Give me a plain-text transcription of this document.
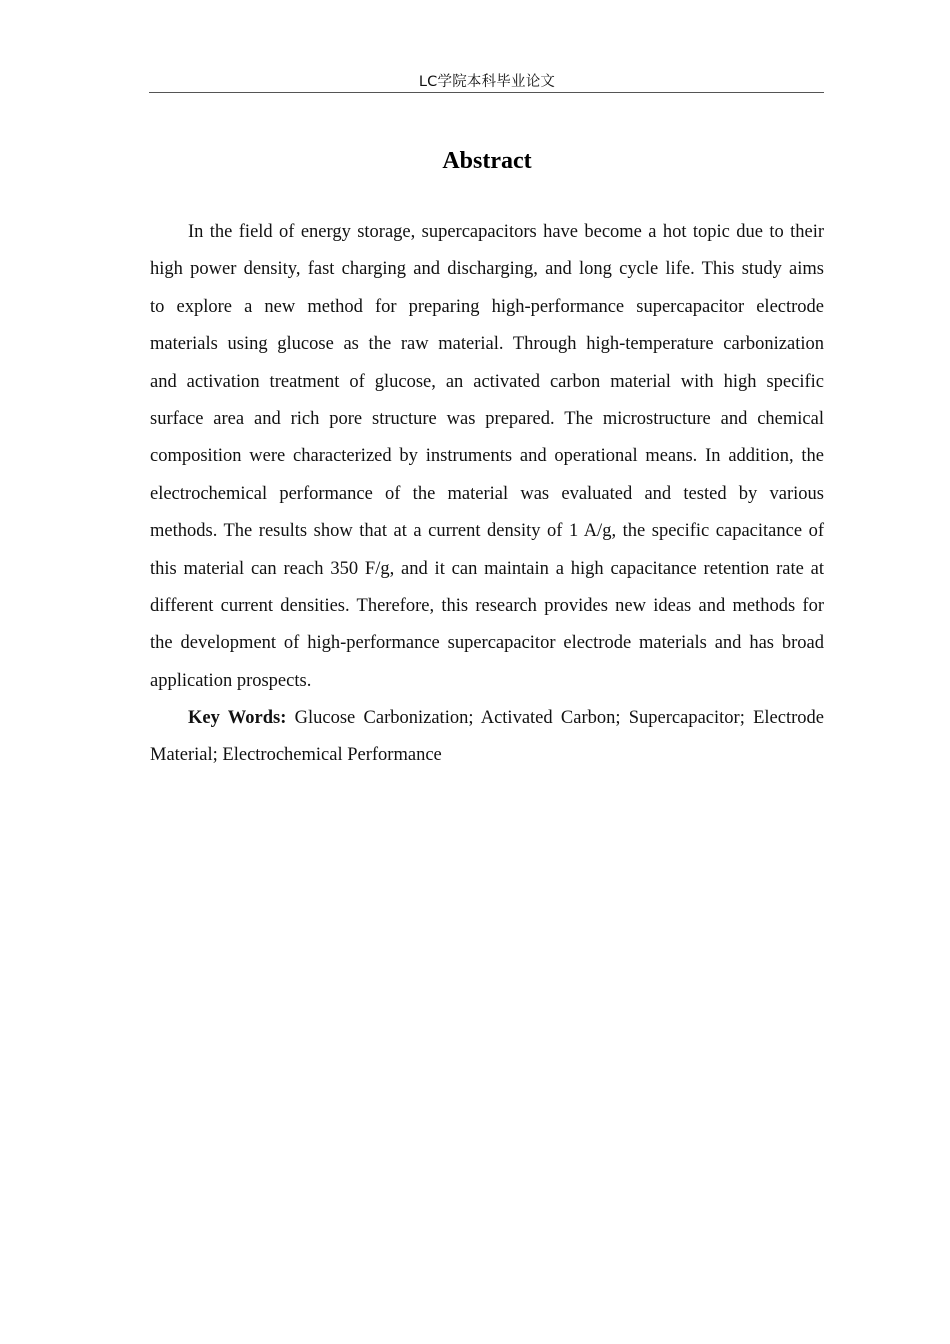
LC学院本科毕业论文
Abstract
In the field of energy storage, supercapacitors have become a hot topic due to their
high power density, fast charging and discharging, and long cycle life. This study aims
to explore a new method for preparing high-performance supercapacitor electrode
materials using glucose as the raw material. Through high-temperature carbonization
and activation treatment of glucose, an activated carbon material with high specific
surface area and rich pore structure was prepared. The microstructure and chemical
composition were characterized by instruments and operational means. In addition, the
electrochemical performance of the material was evaluated and tested by various
methods. The results show that at a current density of 1 A/g, the specific capacitance of
this material can reach 350 F/g, and it can maintain a high capacitance retention rate at
different current densities. Therefore, this research provides new ideas and methods for
the development of high-performance supercapacitor electrode materials and has broad
application prospects.
Key Words: Glucose Carbonization; Activated Carbon; Supercapacitor; Electrode
Material; Electrochemical Performance
